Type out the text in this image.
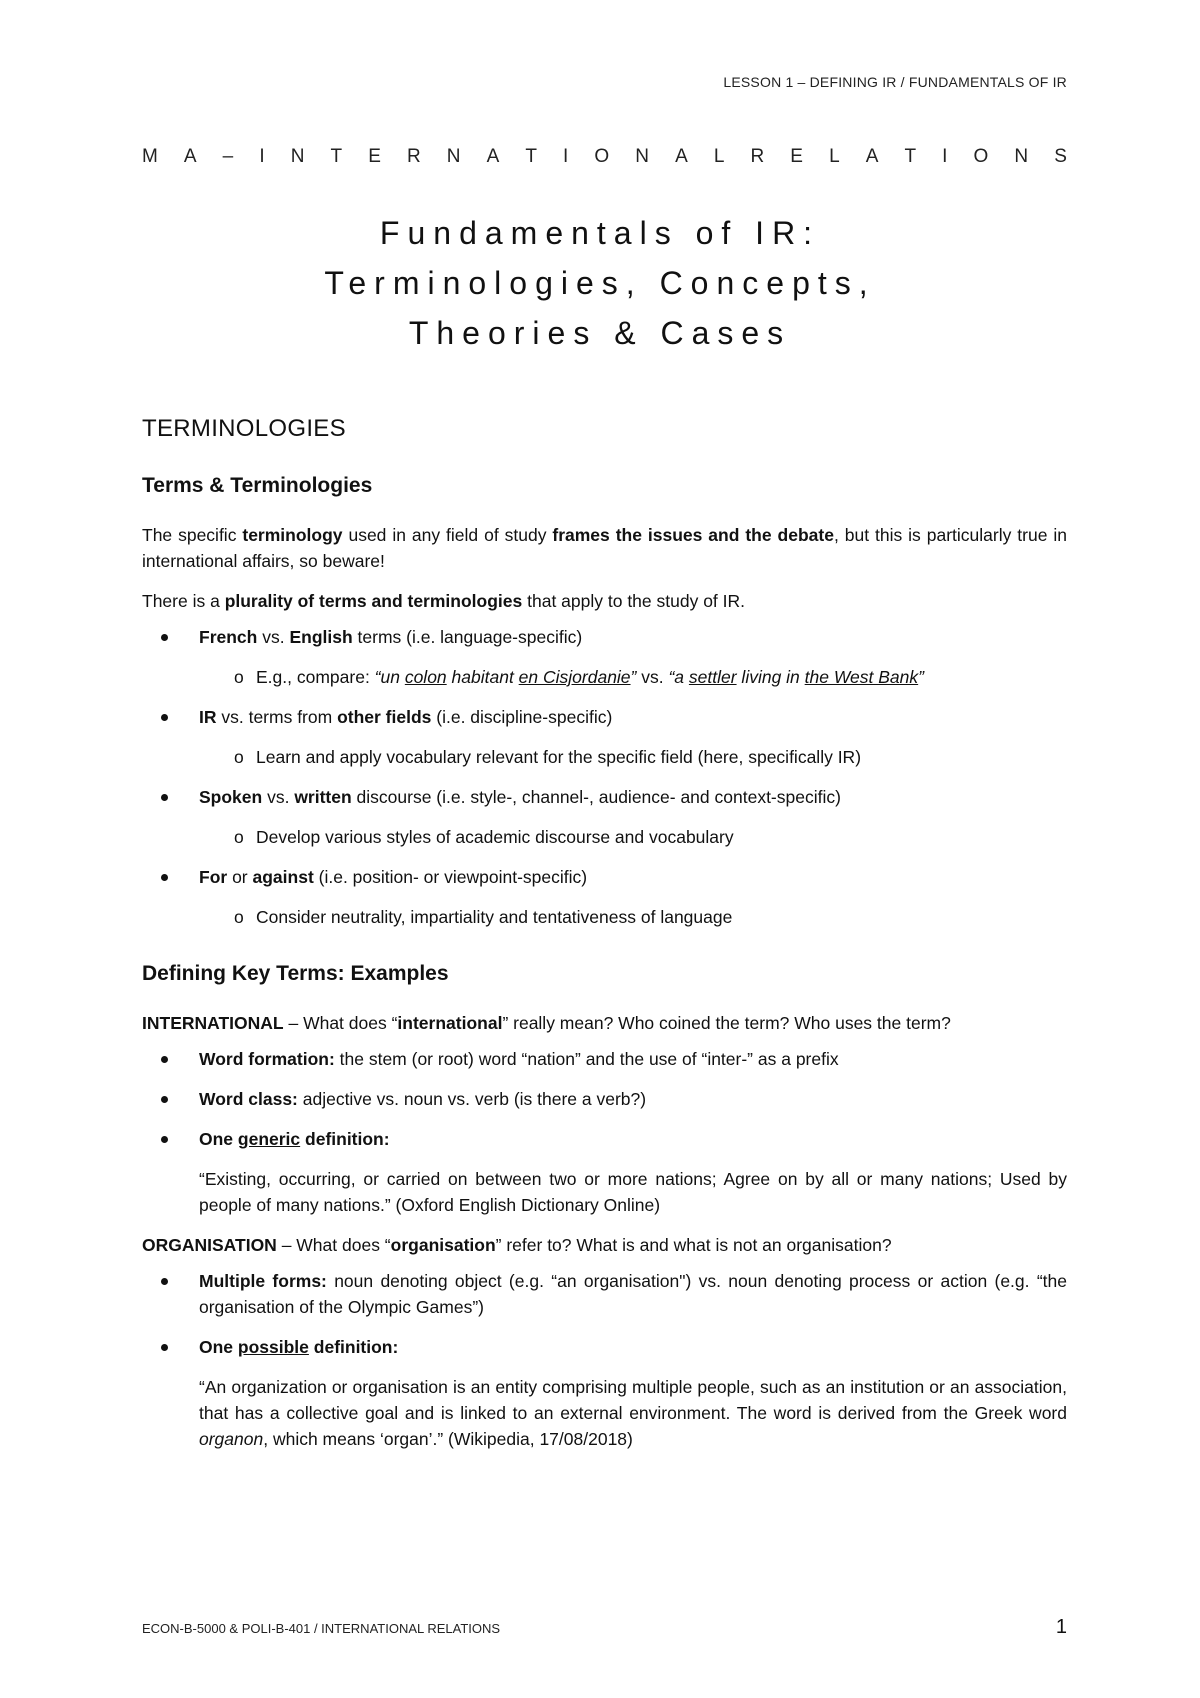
LESSON 1 – DEFINING IR / FUNDAMENTALS OF IR
M A – I N T E R N A T I O N A L R E L A T I O N S
Fundamentals of IR:
Terminologies, Concepts,
Theories & Cases
TERMINOLOGIES
Terms & Terminologies

The specific terminology used in any field of study frames the issues and the debate, but this is particularly true in international affairs, so beware!

There is a plurality of terms and terminologies that apply to the study of IR.

French vs. English terms (i.e. language-specific)
o E.g., compare: “un colon habitant en Cisjordanie” vs. “a settler living in the West Bank”
IR vs. terms from other fields (i.e. discipline-specific)
o Learn and apply vocabulary relevant for the specific field (here, specifically IR)
Spoken vs. written discourse (i.e. style-, channel-, audience- and context-specific)
o Develop various styles of academic discourse and vocabulary
For or against (i.e. position- or viewpoint-specific)
o Consider neutrality, impartiality and tentativeness of language
Defining Key Terms: Examples

INTERNATIONAL – What does “international” really mean? Who coined the term? Who uses the term?

Word formation: the stem (or root) word “nation” and the use of “inter-” as a prefix
Word class: adjective vs. noun vs. verb (is there a verb?)
One generic definition:
“Existing, occurring, or carried on between two or more nations; Agree on by all or many nations; Used by people of many nations.” (Oxford English Dictionary Online)

ORGANISATION – What does “organisation” refer to? What is and what is not an organisation?

Multiple forms: noun denoting object (e.g. “an organisation") vs. noun denoting process or action (e.g. “the organisation of the Olympic Games”)
One possible definition:
“An organization or organisation is an entity comprising multiple people, such as an institution or an association, that has a collective goal and is linked to an external environment. The word is derived from the Greek word organon, which means ‘organ’.” (Wikipedia, 17/08/2018)
ECON-B-5000 & POLI-B-401 / INTERNATIONAL RELATIONS	1
